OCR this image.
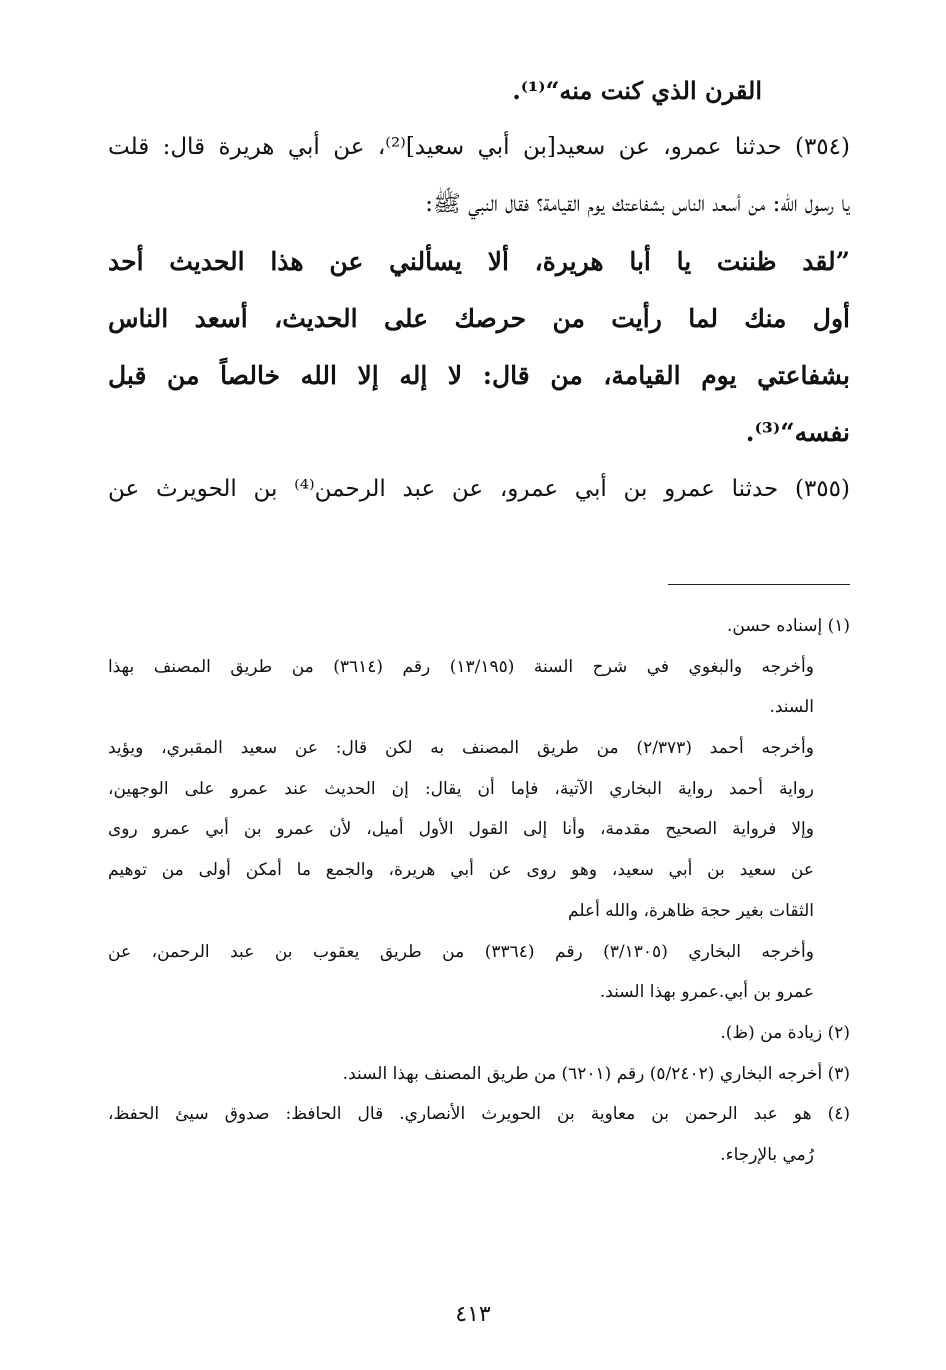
القرن الذي كنت منه“⁽¹⁾.
(٣٥٤) حدثنا عمرو، عن سعيد[بن أبي سعيد]⁽²⁾، عن أبي هريرة قال: قلت
يا رسول الله: من أسعد الناس بشفاعتك يوم القيامة؟ فقال النبي ﷺ:
”لقد ظننت يا أبا هريرة، ألا يسألني عن هذا الحديث أحد
أول منك لما رأيت من حرصك على الحديث، أسعد الناس
بشفاعتي يوم القيامة، من قال: لا إله إلا الله خالصاً من قبل
نفسه“⁽³⁾.
(٣٥٥) حدثنا عمرو بن أبي عمرو، عن عبد الرحمن⁽⁴⁾ بن الحويرث عن
(١) إسناده حسن.
وأخرجه والبغوي في شرح السنة (١٣/١٩٥) رقم (٣٦١٤) من طريق المصنف بهذا
السند.
وأخرجه أحمد (٢/٣٧٣) من طريق المصنف به لكن قال: عن سعيد المقبري، ويؤيد
رواية أحمد رواية البخاري الآتية، فإما أن يقال: إن الحديث عند عمرو على الوجهين،
وإلا فرواية الصحيح مقدمة، وأنا إلى القول الأول أميل، لأن عمرو بن أبي عمرو روى
عن سعيد بن أبي سعيد، وهو روى عن أبي هريرة، والجمع ما أمكن أولى من توهيم
الثقات بغير حجة ظاهرة، والله أعلم
وأخرجه البخاري (٣/١٣٠٥) رقم (٣٣٦٤) من طريق يعقوب بن عبد الرحمن، عن
عمرو بن أبي.عمرو بهذا السند.
(٢) زيادة من (ظ).
(٣) أخرجه البخاري (٥/٢٤٠٢) رقم (٦٢٠١) من طريق المصنف بهذا السند.
(٤) هو عبد الرحمن بن معاوية بن الحويرث الأنصاري. قال الحافظ: صدوق سيئ الحفظ،
رُمي بالإرجاء.
٤١٣
